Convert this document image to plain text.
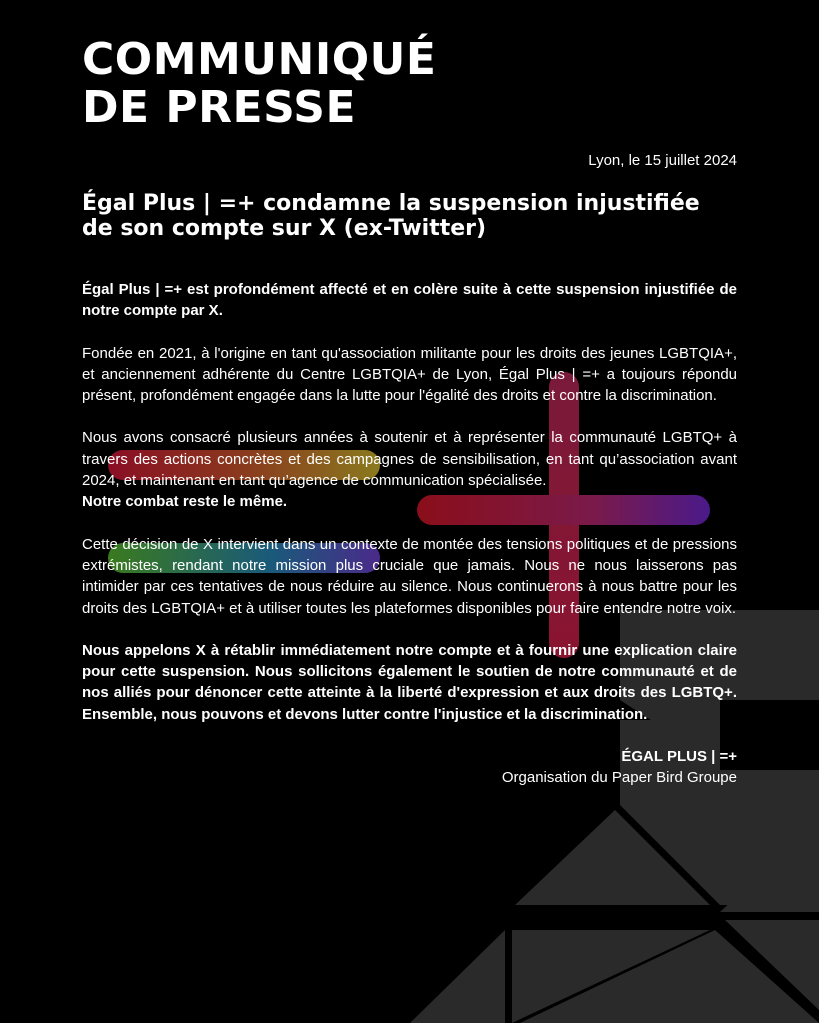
COMMUNIQUÉ
DE PRESSE
Lyon, le 15 juillet 2024
Égal Plus | =+ condamne la suspension injustifiée
de son compte sur X (ex-Twitter)

Égal Plus | =+ est profondément affecté et en colère suite à cette suspension injustifiée de notre compte par X.

Fondée en 2021, à l'origine en tant qu'association militante pour les droits des jeunes LGBTQIA+, et anciennement adhérente du Centre LGBTQIA+ de Lyon, Égal Plus | =+ a toujours répondu présent, profondément engagée dans la lutte pour l'égalité des droits et contre la discrimination.

Nous avons consacré plusieurs années à soutenir et à représenter la communauté LGBTQ+ à travers des actions concrètes et des campagnes de sensibilisation, en tant qu’association avant 2024, et maintenant en tant qu’agence de communication spécialisée.

Notre combat reste le même.

Cette décision de X intervient dans un contexte de montée des tensions politiques et de pressions extrémistes, rendant notre mission plus cruciale que jamais. Nous ne nous laisserons pas intimider par ces tentatives de nous réduire au silence. Nous continuerons à nous battre pour les droits des LGBTQIA+ et à utiliser toutes les plateformes disponibles pour faire entendre notre voix.

Nous appelons X à rétablir immédiatement notre compte et à fournir une explication claire pour cette suspension. Nous sollicitons également le soutien de notre communauté et de nos alliés pour dénoncer cette atteinte à la liberté d'expression et aux droits des LGBTQ+. Ensemble, nous pouvons et devons lutter contre l'injustice et la discrimination.

ÉGAL PLUS | =+
Organisation du Paper Bird Groupe
